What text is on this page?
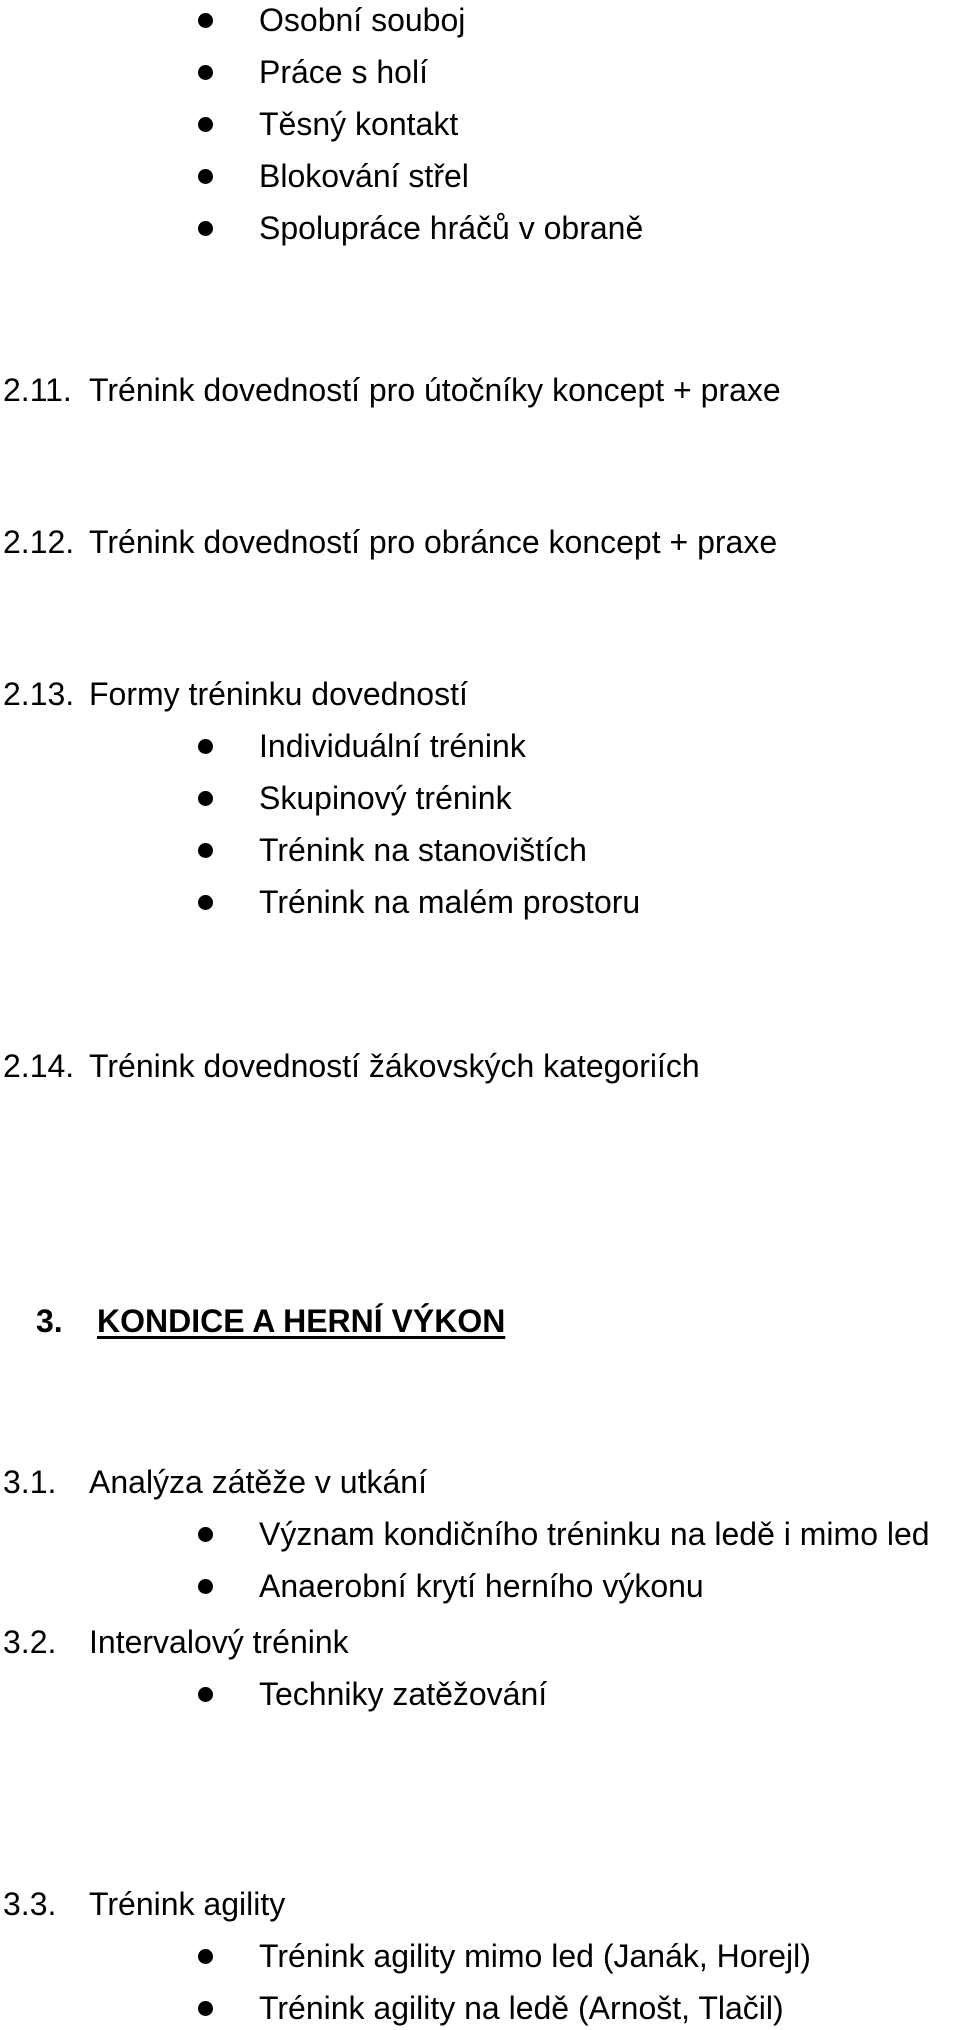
Osobní souboj
Práce s holí
Těsný kontakt
Blokování střel
Spolupráce hráčů v obraně
2.11. Trénink dovedností pro útočníky koncept + praxe
2.12. Trénink dovedností pro obránce koncept + praxe
2.13. Formy tréninku dovedností
Individuální trénink
Skupinový trénink
Trénink na stanovištích
Trénink na malém prostoru
2.14. Trénink dovedností žákovských kategoriích
3. KONDICE A HERNÍ VÝKON
3.1. Analýza zátěže v utkání
Význam kondičního tréninku na ledě i mimo led
Anaerobní krytí herního výkonu
3.2. Intervalový trénink
Techniky zatěžování
3.3. Trénink agility
Trénink agility mimo led (Janák, Horejl)
Trénink agility na ledě (Arnošt, Tlačil)
